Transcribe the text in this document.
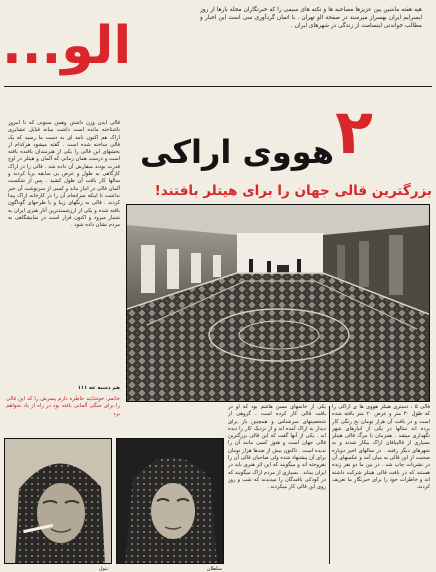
الو...
هیه هفته ماشین بین عزیزها مصاحبه ها و نکته های سیمی را که خبرنگاران مجله بارها از روز ایسرایم ایران بهسراز میرسند در صفحه الو تهران . با اتمان گردآوری سی است این اخبار و مطالب خواندنی اینسامت از زندگی در شهرهای ایران .
۲
هووی اراکی
بزرگترین قالی جهان را برای هیتلر بافتند!
قالی آیدن وزن داشتن وهمن ستونی که تا امروز ناشناخته مانده است داشت میانه قبایل عشایری اراک هم اکنون نامه ای به دست ما رسید که یک قالی ساخته شده است . گفته میشود هرکدام از بخشهای این قالی را یکی از هنرمندان بافنده بافته است و درست همان زمانی که آلمان و هیتلر در اوج قدرت بودند سفارش آن داده شد . قالی را در اراک کارگاهی به طول و عرض بی سابقه برپا کردند و سالها کار بافت آن طول کشید . پس از شکست آلمان قالی در انبار ماند و کسی از سرنوشت آن خبر نداشت تا اینکه سرانجام آن را در کارخانه اراک پیدا کردند . قالی به رنگهای زیبا و با طرحهای گوناگون بافته شده و یکی از ارزشمندترین آثار هنری ایران به شمار میرود و اکنون قرار است در نمایشگاهی به مردم نشان داده شود .
هم دسیه عه ۱۱۱
خانمی خوشایند خاطره دارم پسرش را که این قالی را برای جنگی آلمانی بافته بود در راه از یاد نخواهم برد
بتول	سلطان
یکی از خانمهای مسن هاشم بود که او در بافت قالی کار کرده است . گروهی از شخصیتهای سرشناس و همچنین باز برای دیدار به اراک آمده اند و از نزدیک کار را دیده اند . یکی از آنها گفت که این قالی بزرگترین قالی جهان است و هنوز کسی مانند آن را ندیده است . تاکنون بیش از صدها هزار تومان برای آن پیشنهاد شده ولی صاحبان قالی آن را نفروخته اند و میگویند که این اثر هنری باید در ایران بماند . بسیاری از مردم اراک میگویند که در کودکی بافندگان را میدیدند که شب و روز روی این قالی کار میکردند .
قالی ۵ ، دستری هیتلر هووی ها ی اراکی را که طول ۳۰ متر و عرض ۲۰ متر بافته شده است و در بافت آن هزار تومان نخ رنگی کار برده اند سالها در یکی از انبارهای شهر نگهداری میشد . همزمان با مرگ قالی هیتلر بسیاری از قالیبافان اراک بیکار شدند و به شهرهای دیگر رفتند . در سالهای اخیر دوباره صحبت از این قالی به میان آمد و عکسهای آن در نشریات چاپ شد . در بین ما دو نفر زنده هستند که در بافت قالی هیتلر شرکت داشته اند و خاطرات خود را برای خبرنگار ما تعریف کردند.
